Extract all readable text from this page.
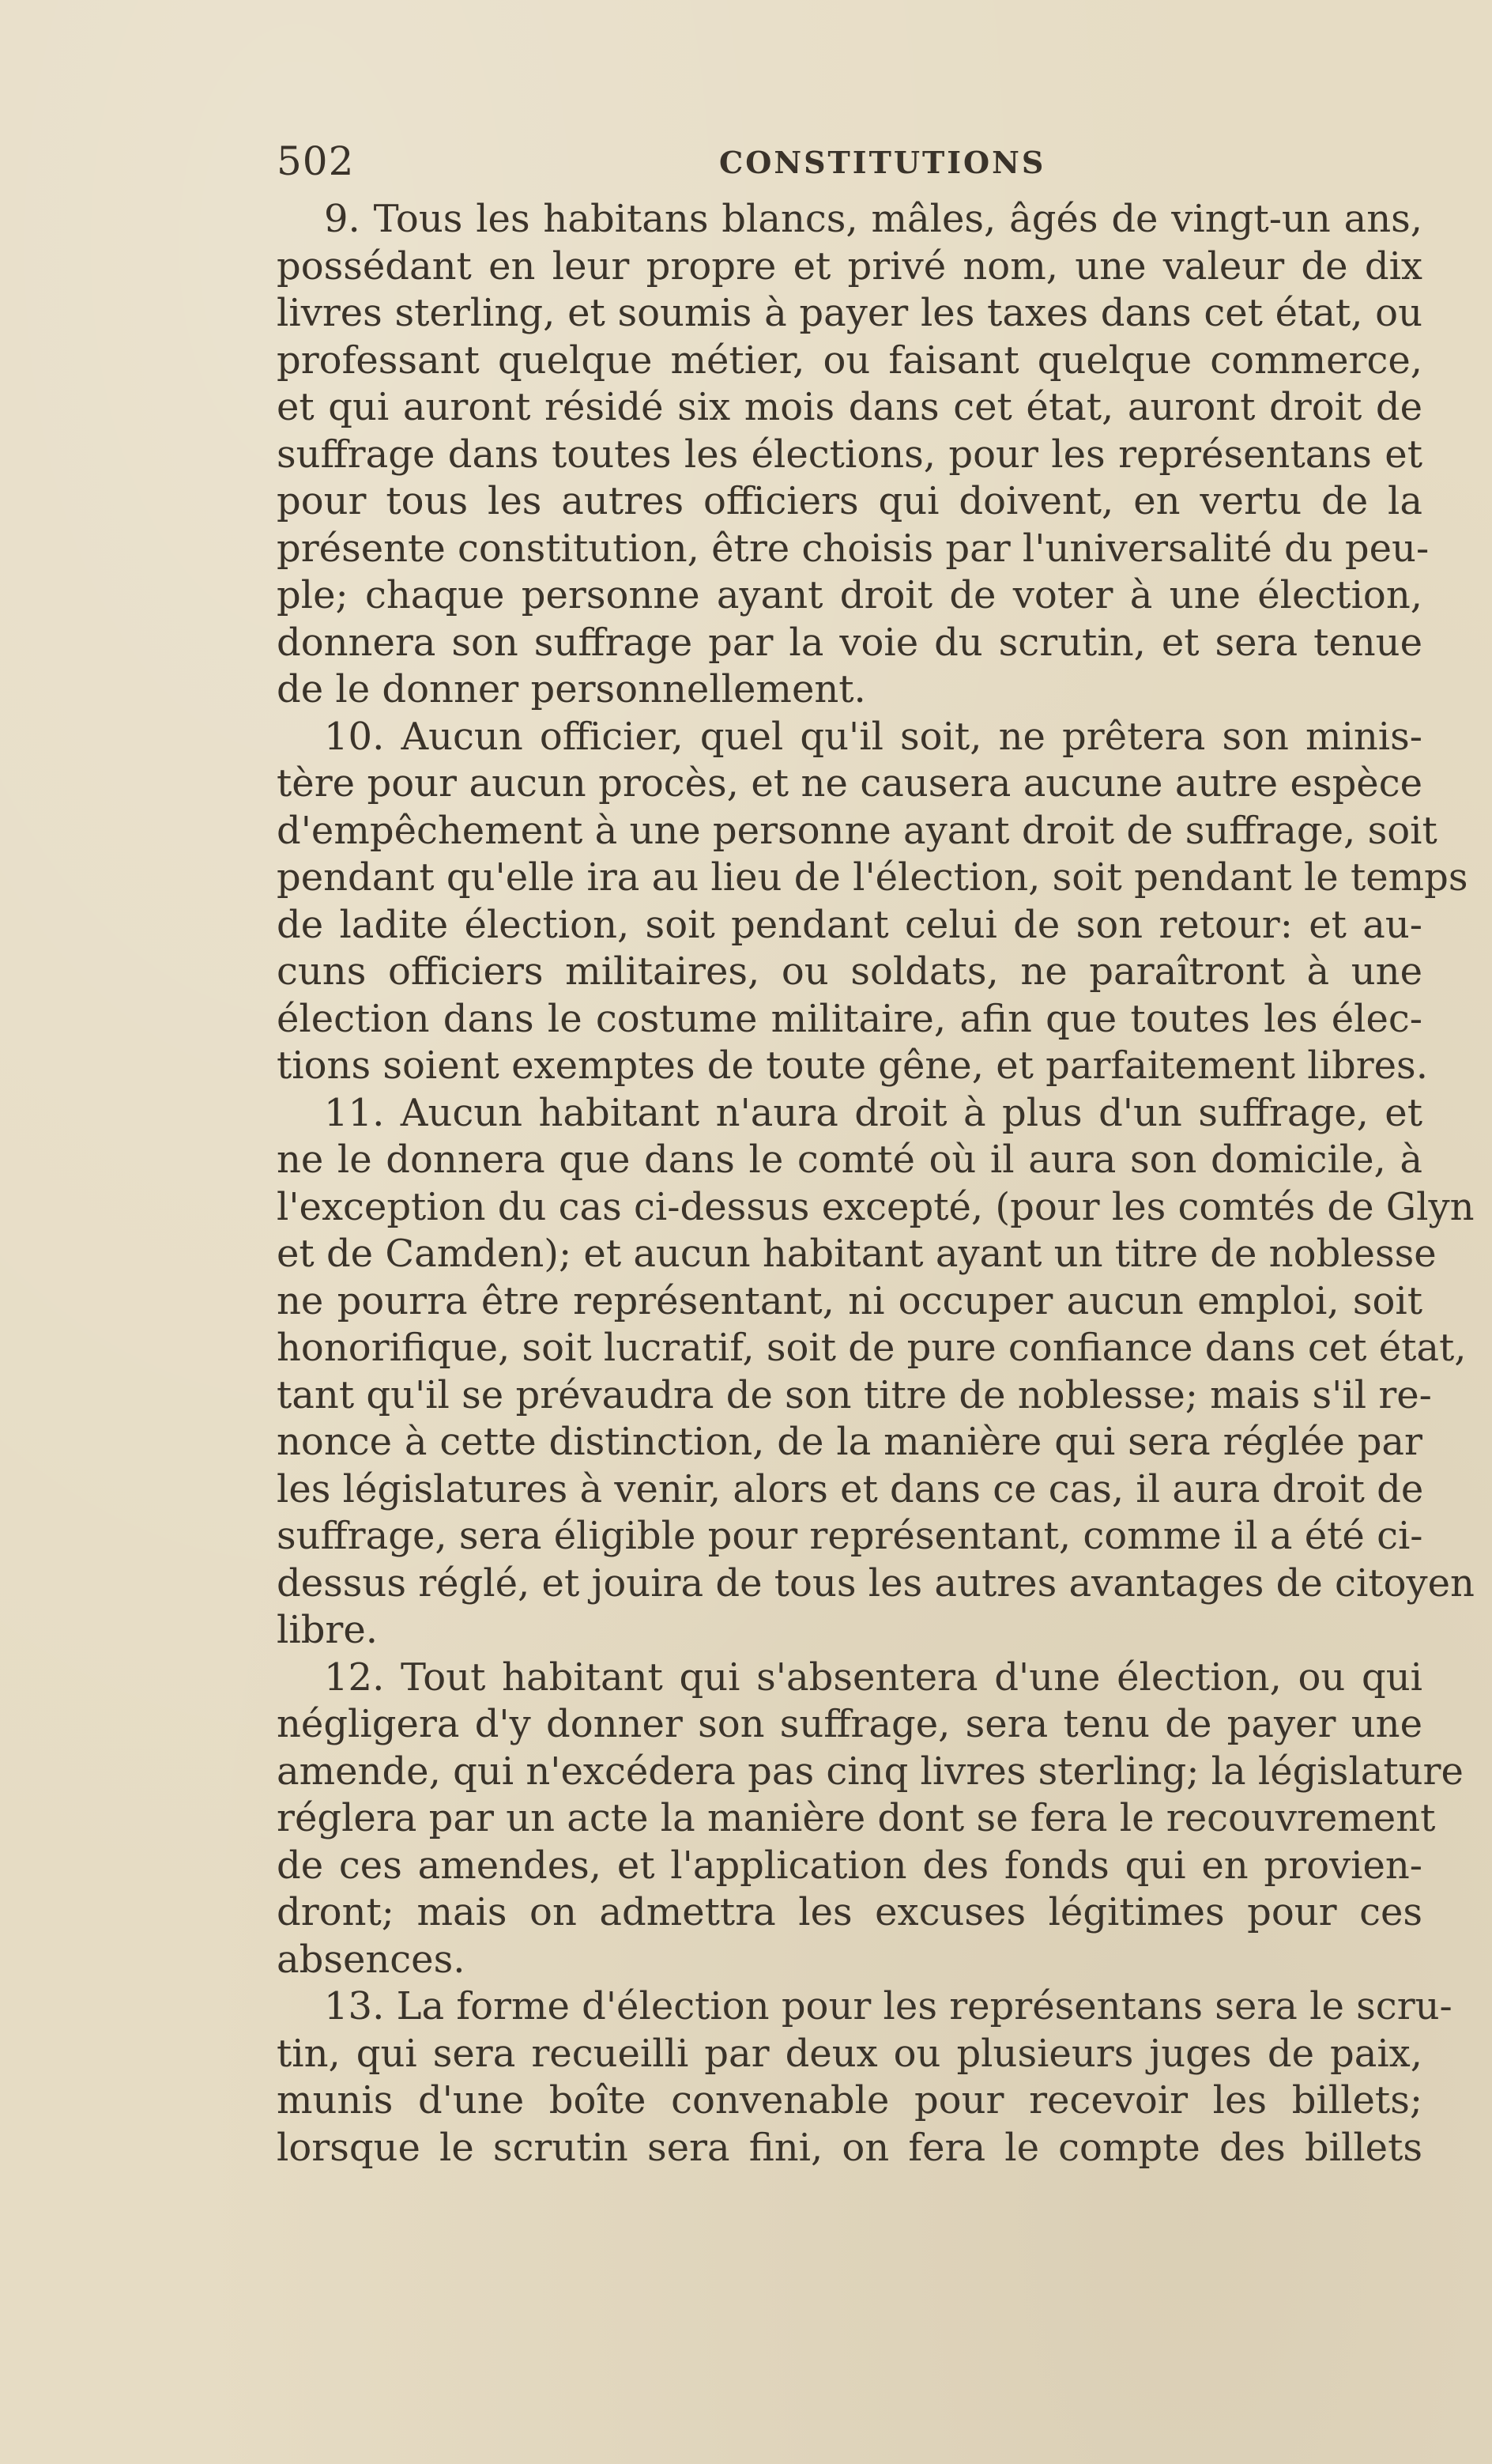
502	CONSTITUTIONS
9. Tous les habitans blancs, mâles, âgés de vingt-un ans,
possédant en leur propre et privé nom, une valeur de dix
livres sterling, et soumis à payer les taxes dans cet état, ou
professant quelque métier, ou faisant quelque commerce,
et qui auront résidé six mois dans cet état, auront droit de
suffrage dans toutes les élections, pour les représentans et
pour tous les autres officiers qui doivent, en vertu de la
présente constitution, être choisis par l'universalité du peu-
ple; chaque personne ayant droit de voter à une élection,
donnera son suffrage par la voie du scrutin, et sera tenue
de le donner personnellement.
10. Aucun officier, quel qu'il soit, ne prêtera son minis-
tère pour aucun procès, et ne causera aucune autre espèce
d'empêchement à une personne ayant droit de suffrage, soit
pendant qu'elle ira au lieu de l'élection, soit pendant le temps
de ladite élection, soit pendant celui de son retour: et au-
cuns officiers militaires, ou soldats, ne paraîtront à une
élection dans le costume militaire, afin que toutes les élec-
tions soient exemptes de toute gêne, et parfaitement libres.
11. Aucun habitant n'aura droit à plus d'un suffrage, et
ne le donnera que dans le comté où il aura son domicile, à
l'exception du cas ci-dessus excepté, (pour les comtés de Glyn
et de Camden); et aucun habitant ayant un titre de noblesse
ne pourra être représentant, ni occuper aucun emploi, soit
honorifique, soit lucratif, soit de pure confiance dans cet état,
tant qu'il se prévaudra de son titre de noblesse; mais s'il re-
nonce à cette distinction, de la manière qui sera réglée par
les législatures à venir, alors et dans ce cas, il aura droit de
suffrage, sera éligible pour représentant, comme il a été ci-
dessus réglé, et jouira de tous les autres avantages de citoyen
libre.
12. Tout habitant qui s'absentera d'une élection, ou qui
négligera d'y donner son suffrage, sera tenu de payer une
amende, qui n'excédera pas cinq livres sterling; la législature
réglera par un acte la manière dont se fera le recouvrement
de ces amendes, et l'application des fonds qui en provien-
dront; mais on admettra les excuses légitimes pour ces
absences.
13. La forme d'élection pour les représentans sera le scru-
tin, qui sera recueilli par deux ou plusieurs juges de paix,
munis d'une boîte convenable pour recevoir les billets;
lorsque le scrutin sera fini, on fera le compte des billets
